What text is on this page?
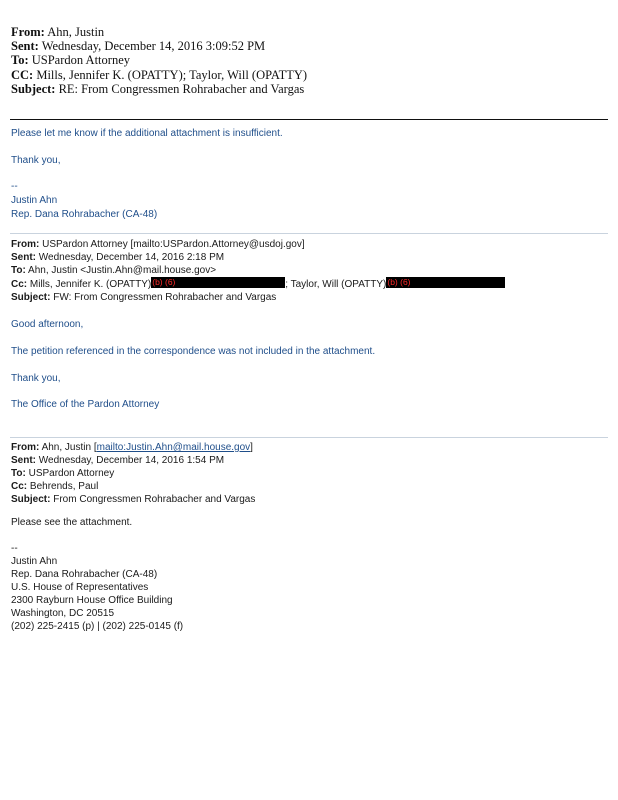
From: Ahn, Justin
Sent: Wednesday, December 14, 2016 3:09:52 PM
To: USPardon Attorney
CC: Mills, Jennifer K. (OPATTY); Taylor, Will (OPATTY)
Subject: RE: From Congressmen Rohrabacher and Vargas
Please let me know if the additional attachment is insufficient.
Thank you,
--
Justin Ahn
Rep. Dana Rohrabacher (CA-48)
From: USPardon Attorney [mailto:USPardon.Attorney@usdoj.gov]
Sent: Wednesday, December 14, 2016 2:18 PM
To: Ahn, Justin <Justin.Ahn@mail.house.gov>
Cc: Mills, Jennifer K. (OPATTY)(b) (6)	; Taylor, Will (OPATTY)(b) (6)
Subject: FW: From Congressmen Rohrabacher and Vargas
Good afternoon,
The petition referenced in the correspondence was not included in the attachment.
Thank you,
The Office of the Pardon Attorney
From: Ahn, Justin [mailto:Justin.Ahn@mail.house.gov]
Sent: Wednesday, December 14, 2016 1:54 PM
To: USPardon Attorney
Cc: Behrends, Paul
Subject: From Congressmen Rohrabacher and Vargas
Please see the attachment.
--
Justin Ahn
Rep. Dana Rohrabacher (CA-48)
U.S. House of Representatives
2300 Rayburn House Office Building
Washington, DC 20515
(202) 225-2415 (p) | (202) 225-0145 (f)
